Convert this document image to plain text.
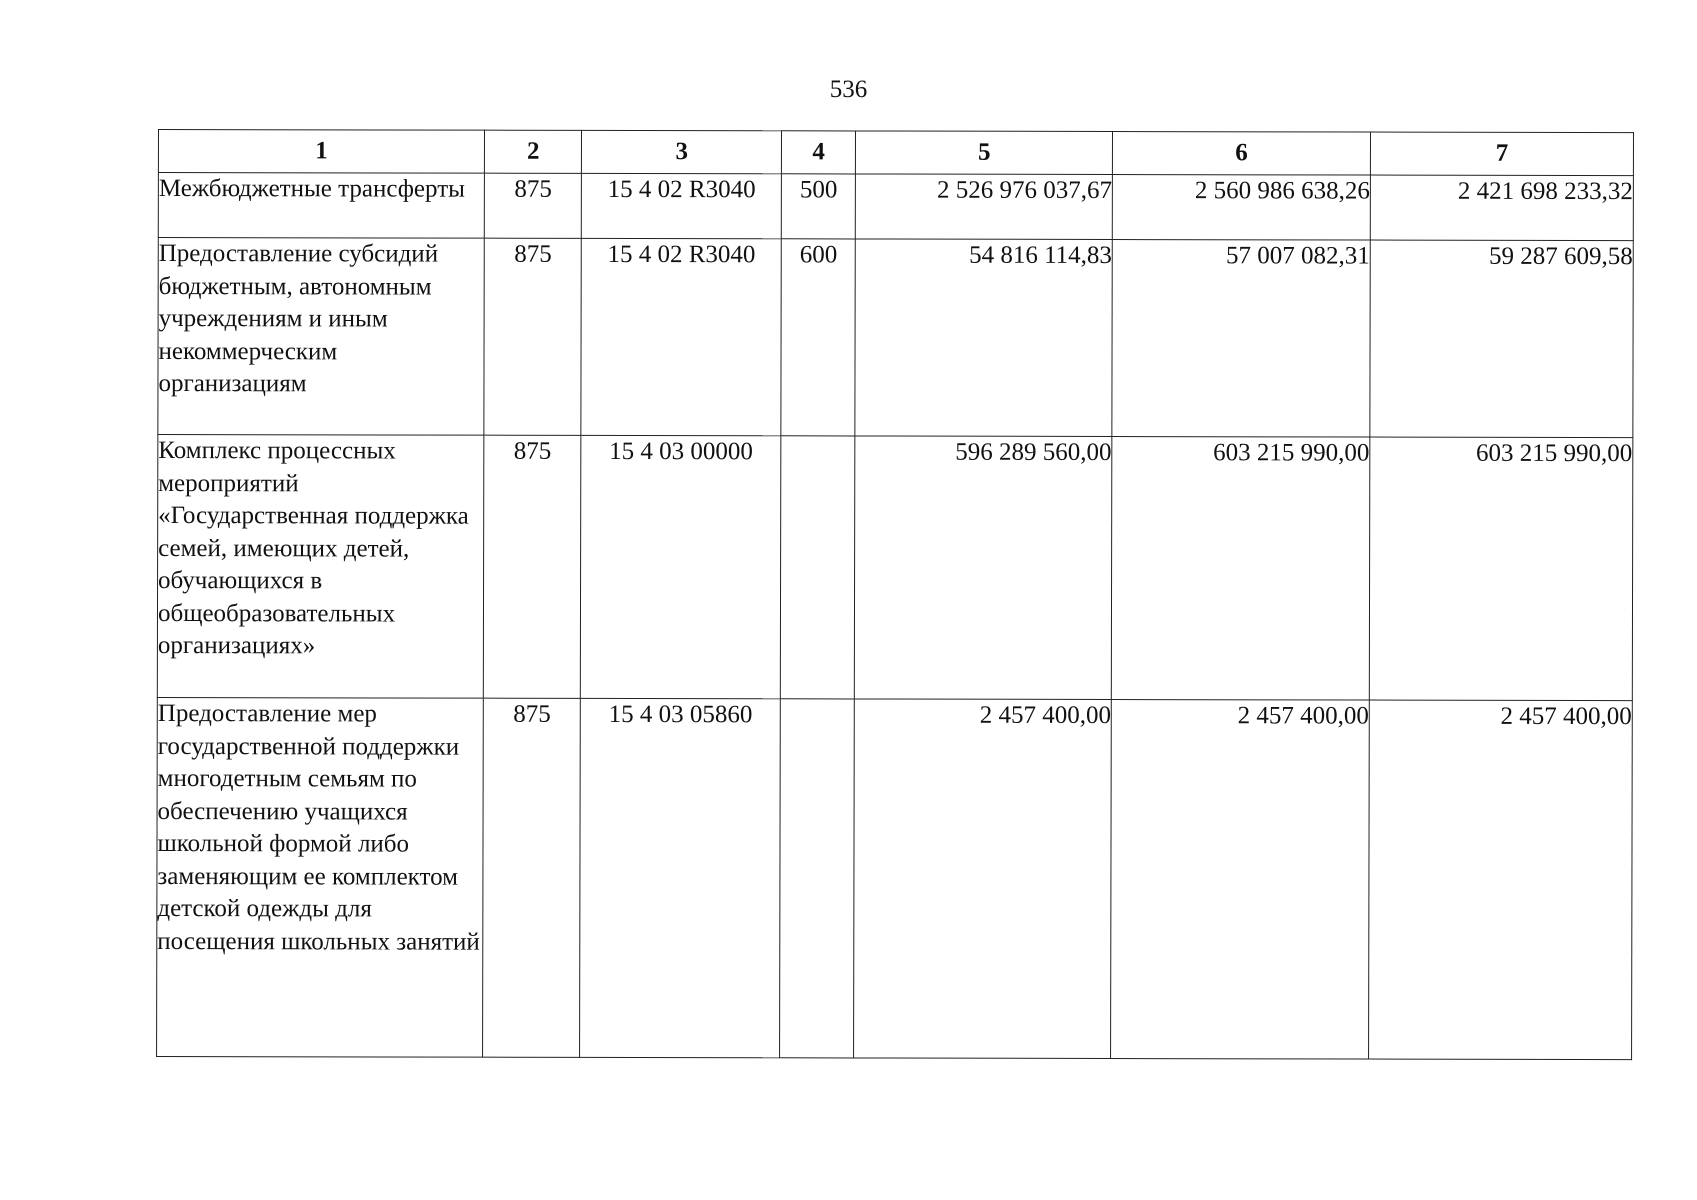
536
1	2	3	4	5	6	7
Межбюджетные трансферты	875	15 4 02 R3040	500	2 526 976 037,67	2 560 986 638,26	2 421 698 233,32
Предоставление субсидий бюджетным, автономным учреждениям и иным некоммерческим организациям	875	15 4 02 R3040	600	54 816 114,83	57 007 082,31	59 287 609,58
Комплекс процессных мероприятий «Государственная поддержка семей, имеющих детей, обучающихся в общеобразовательных организациях»	875	15 4 03 00000		596 289 560,00	603 215 990,00	603 215 990,00
Предоставление мер государственной поддержки многодетным семьям по обеспечению учащихся школьной формой либо заменяющим ее комплектом детской одежды для посещения школьных занятий	875	15 4 03 05860		2 457 400,00	2 457 400,00	2 457 400,00
